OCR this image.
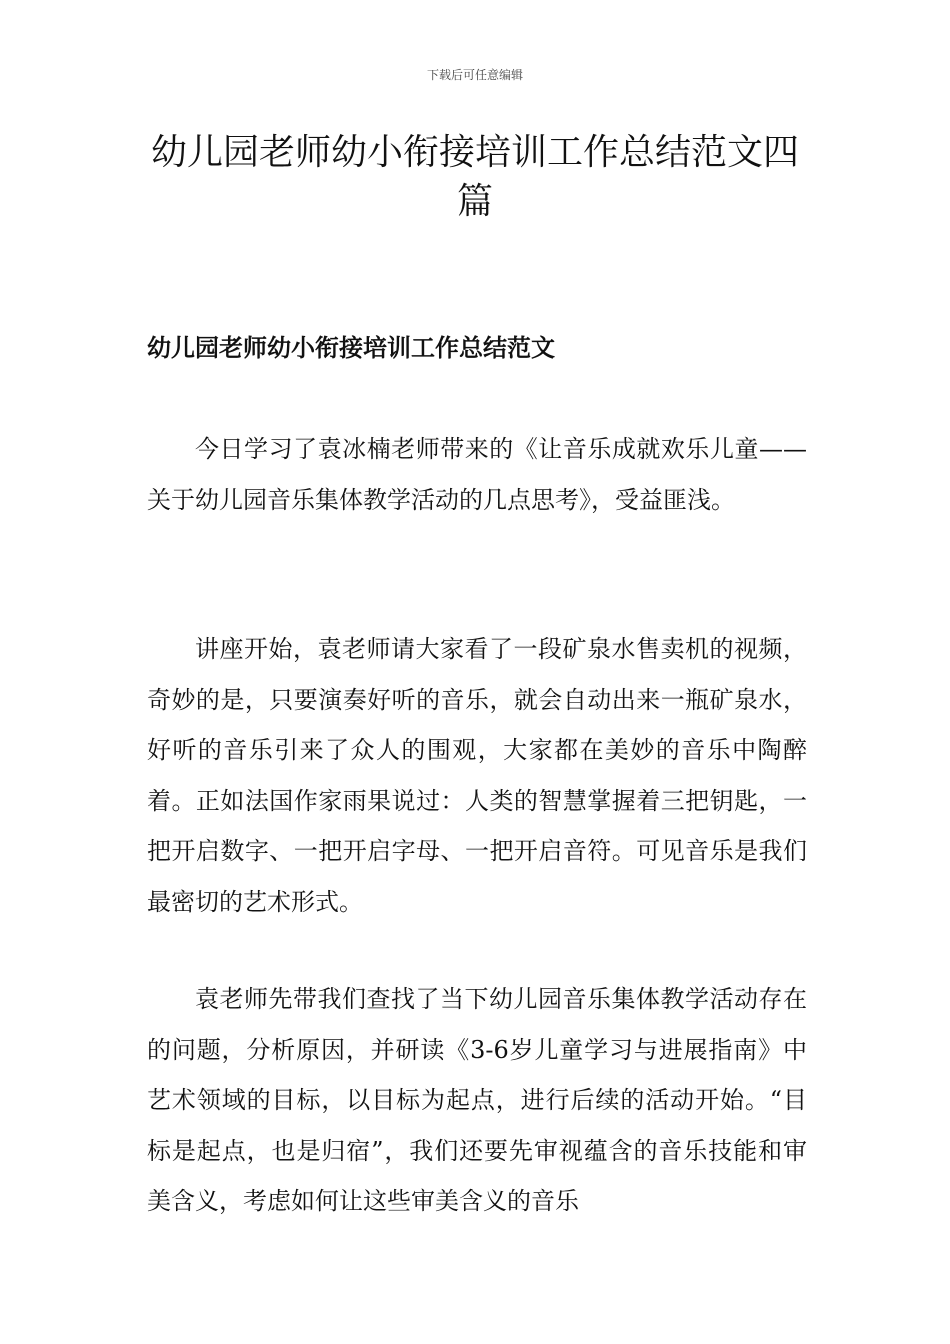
下载后可任意编辑
幼儿园老师幼小衔接培训工作总结范文四篇
幼儿园老师幼小衔接培训工作总结范文

今日学习了袁冰楠老师带来的《让音乐成就欢乐儿童——关于幼儿园音乐集体教学活动的几点思考》，受益匪浅。

讲座开始，袁老师请大家看了一段矿泉水售卖机的视频，奇妙的是，只要演奏好听的音乐，就会自动出来一瓶矿泉水，好听的音乐引来了众人的围观，大家都在美妙的音乐中陶醉着。正如法国作家雨果说过：人类的智慧掌握着三把钥匙，一把开启数字、一把开启字母、一把开启音符。可见音乐是我们最密切的艺术形式。

袁老师先带我们查找了当下幼儿园音乐集体教学活动存在的问题，分析原因，并研读《3-6岁儿童学习与进展指南》中艺术领域的目标，以目标为起点，进行后续的活动开始。“目标是起点，也是归宿”，我们还要先审视蕴含的音乐技能和审美含义，考虑如何让这些审美含义的音乐
